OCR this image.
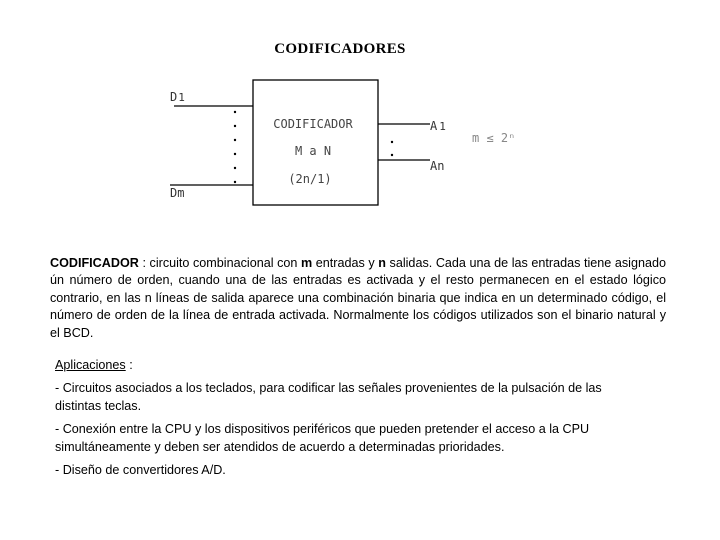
CODIFICADORES
D1
Dm
A 1
An
m ≤ 2ⁿ
CODIFICADOR
M a N
(2n/1)

CODIFICADOR : circuito combinacional con m entradas y n salidas. Cada una de las entradas tiene asignado ún número de orden, cuando una de las entradas es activada y el resto permanecen en el estado lógico contrario, en las n líneas de salida aparece una combinación binaria que indica en un determinado código, el número de orden de la línea de entrada activada. Normalmente los códigos utilizados son el binario natural y el BCD.

Aplicaciones :

- Circuitos asociados a los teclados, para codificar las señales provenientes de la pulsación de las distintas teclas.

- Conexión entre la CPU y los dispositivos periféricos que pueden pretender el acceso a la CPU simultáneamente y deben ser atendidos de acuerdo a determinadas prioridades.

- Diseño de convertidores A/D.
